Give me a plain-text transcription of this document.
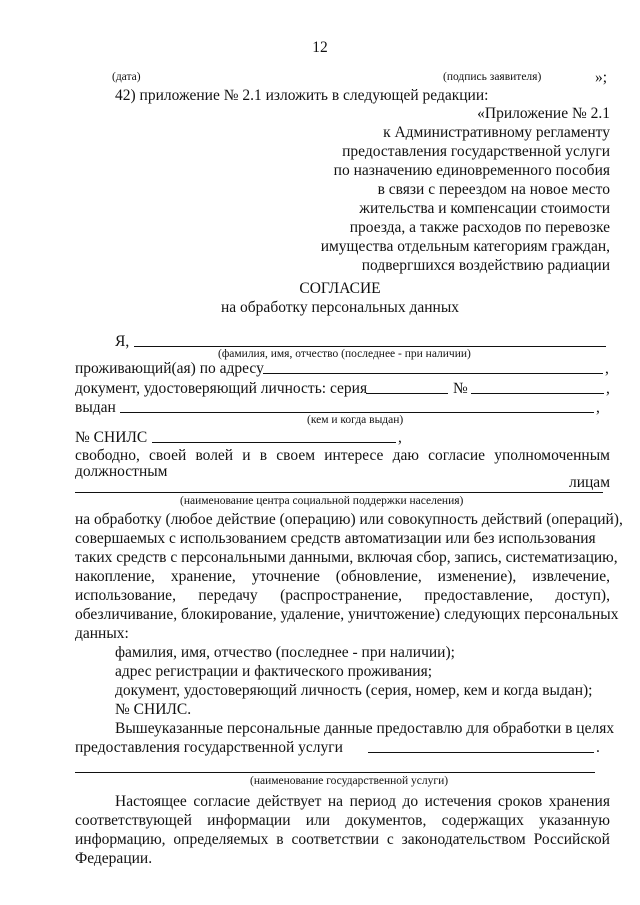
12
(дата)	(подпись заявителя)	»;
42) приложение № 2.1 изложить в следующей редакции:
«Приложение № 2.1
к Административному регламенту
предоставления государственной услуги
по назначению единовременного пособия
в связи с переездом на новое место
жительства и компенсации стоимости
проезда, а также расходов по перевозке
имущества отдельным категориям граждан,
подвергшихся воздействию радиации
СОГЛАСИЕ
на обработку персональных данных
Я,
(фамилия, имя, отчество (последнее - при наличии)
проживающий(ая) по адресу	,
документ, удостоверяющий личность: серия	№	,
выдан	,
(кем и когда выдан)
№ СНИЛС	,
свободно, своей волей и в своем интересе даю согласие уполномоченным
должностным
лицам
(наименование центра социальной поддержки населения)
на обработку (любое действие (операцию) или совокупность действий (операций),
совершаемых с использованием средств автоматизации или без использования
таких средств с персональными данными, включая сбор, запись, систематизацию,
накопление, хранение, уточнение (обновление, изменение), извлечение,
использование, передачу (распространение, предоставление, доступ),
обезличивание, блокирование, удаление, уничтожение) следующих персональных
данных:
фамилия, имя, отчество (последнее - при наличии);
адрес регистрации и фактического проживания;
документ, удостоверяющий личность (серия, номер, кем и когда выдан);
№ СНИЛС.
Вышеуказанные персональные данные предоставлю для обработки в целях
предоставления государственной услуги	.
(наименование государственной услуги)
Настоящее согласие действует на период до истечения сроков хранения
соответствующей информации или документов, содержащих указанную
информацию, определяемых в соответствии с законодательством Российской
Федерации.
